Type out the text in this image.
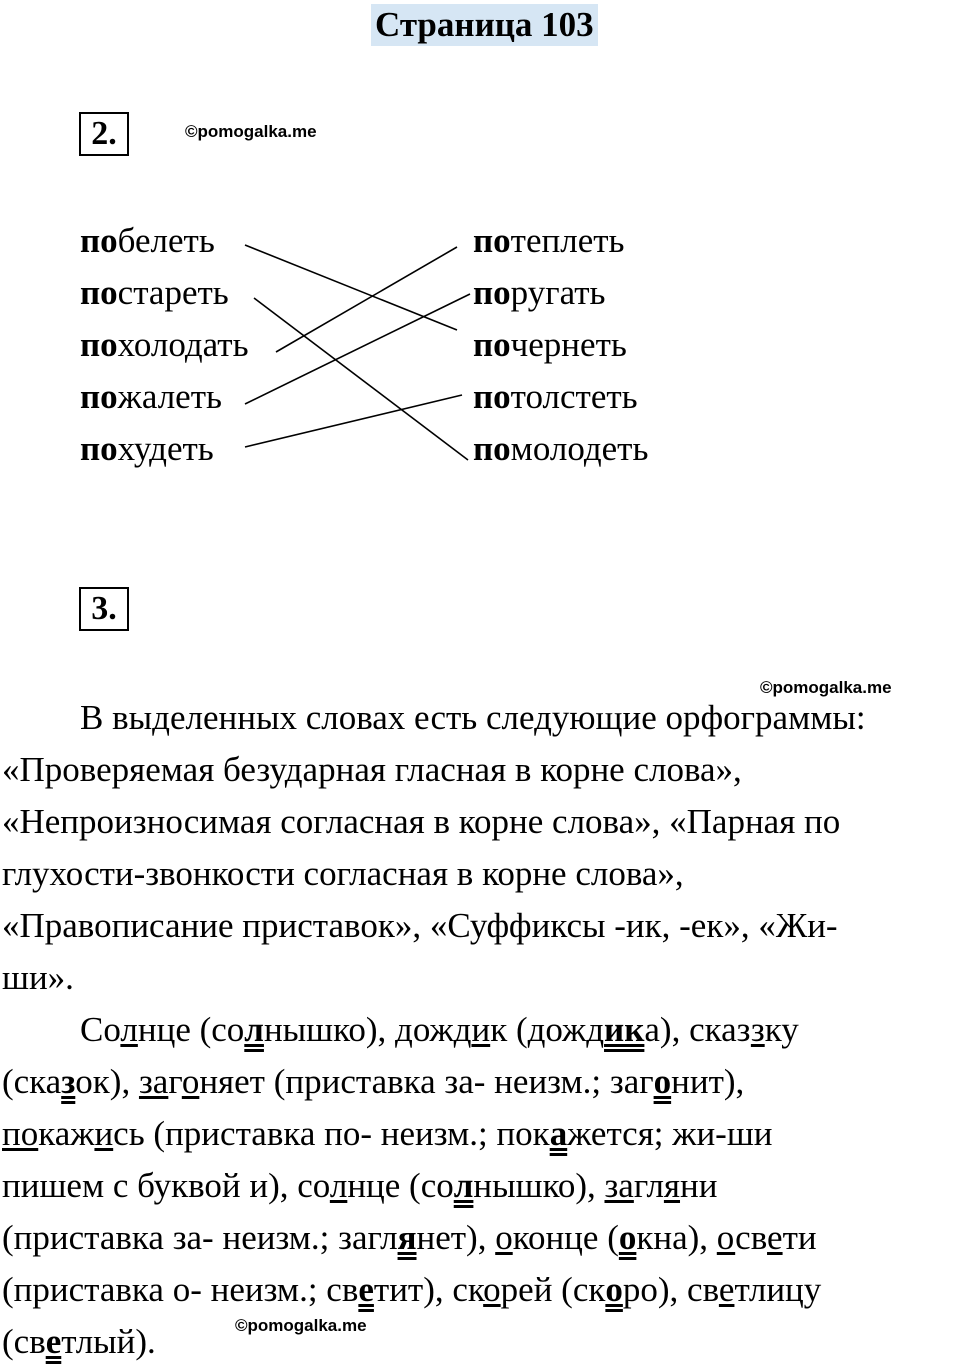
Страница 103
2.	©pomogalka.me
побелеть
постареть
похолодать
пожалеть
похудеть
потеплеть
поругать
почернеть
потолстеть
помолодеть
3.
©pomogalka.me
В выделенных словах есть следующие орфограммы:
«Проверяемая безударная гласная в корне слова»,
«Непроизносимая согласная в корне слова», «Парная по
глухости-звонкости согласная в корне слова»,
«Правописание приставок», «Суффиксы -ик, -ек», «Жи-
ши».
Солнце (солнышко), дождик (дождика), сказзку
(сказок), загоняет (приставка за- неизм.; загонит),
покажись (приставка по- неизм.; покажется; жи-ши
пишем с буквой и), солнце (солнышко), загляни
(приставка за- неизм.; заглянет), оконце (окна), освети
(приставка о- неизм.; светит), скорей (скоро), светлицу
(светлый).	©pomogalka.me
